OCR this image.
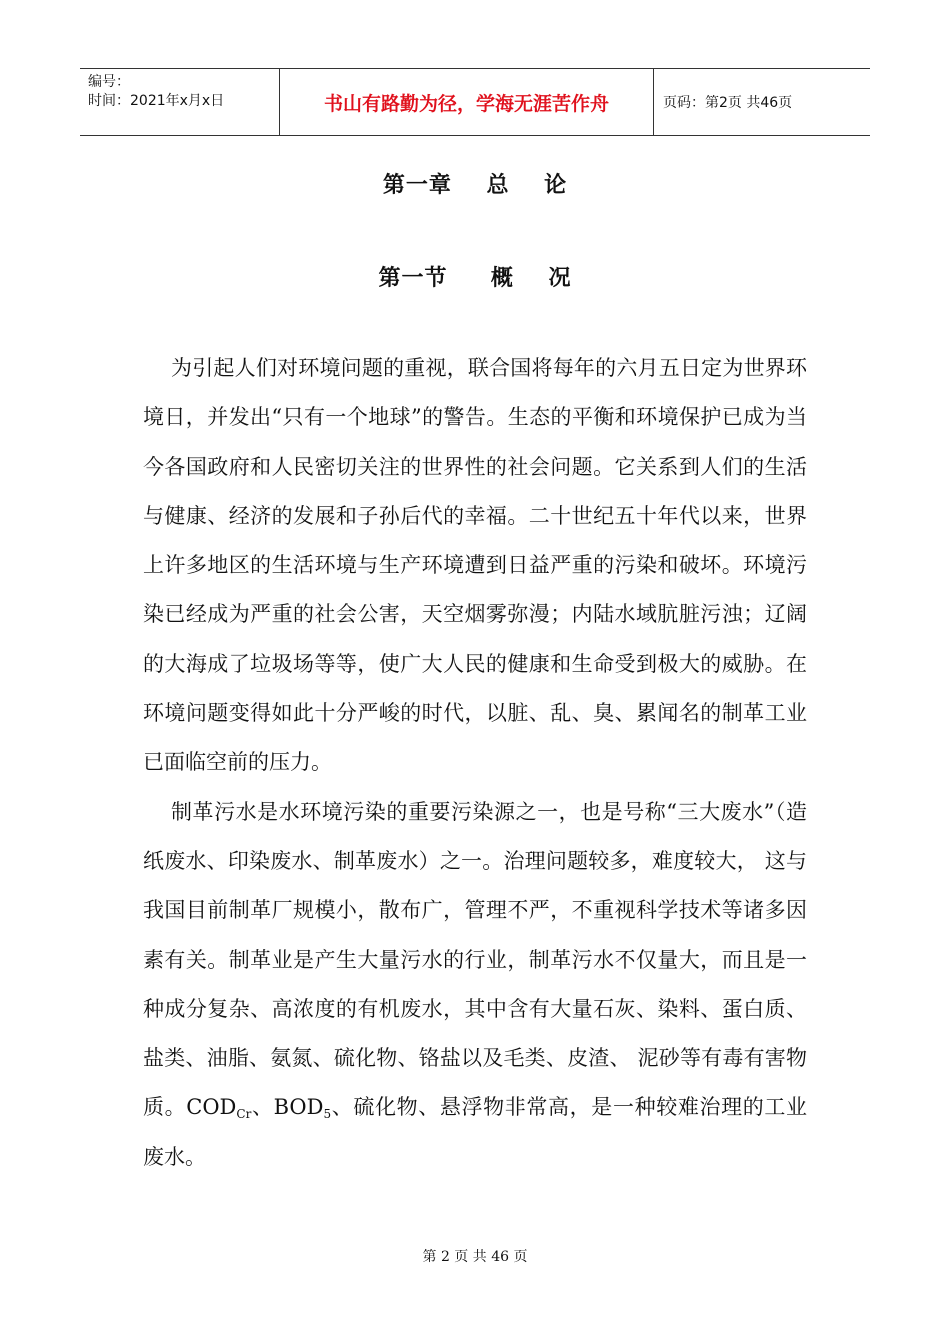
编号：
时间：2021年x月x日	书山有路勤为径，学海无涯苦作舟	页码：第2页 共46页
第一章    总    论
第一节     概    况

为引起人们对环境问题的重视，联合国将每年的六月五日定为世界环境日，并发出“只有一个地球”的警告。生态的平衡和环境保护已成为当今各国政府和人民密切关注的世界性的社会问题。它关系到人们的生活与健康、经济的发展和子孙后代的幸福。二十世纪五十年代以来，世界上许多地区的生活环境与生产环境遭到日益严重的污染和破坏。环境污染已经成为严重的社会公害，天空烟雾弥漫；内陆水域肮脏污浊；辽阔的大海成了垃圾场等等，使广大人民的健康和生命受到极大的威胁。在环境问题变得如此十分严峻的时代，以脏、乱、臭、累闻名的制革工业已面临空前的压力。

制革污水是水环境污染的重要污染源之一，也是号称“三大废水”（造纸废水、印染废水、制革废水）之一。治理问题较多，难度较大， 这与我国目前制革厂规模小，散布广，管理不严，不重视科学技术等诸多因素有关。制革业是产生大量污水的行业，制革污水不仅量大，而且是一种成分复杂、高浓度的有机废水，其中含有大量石灰、染料、蛋白质、盐类、油脂、氨氮、硫化物、铬盐以及毛类、皮渣、 泥砂等有毒有害物质。$COD_{Cr}$、$BOD_5$、硫化物、悬浮物非常高，是一种较难治理的工业废水。

第 2 页 共 46 页
